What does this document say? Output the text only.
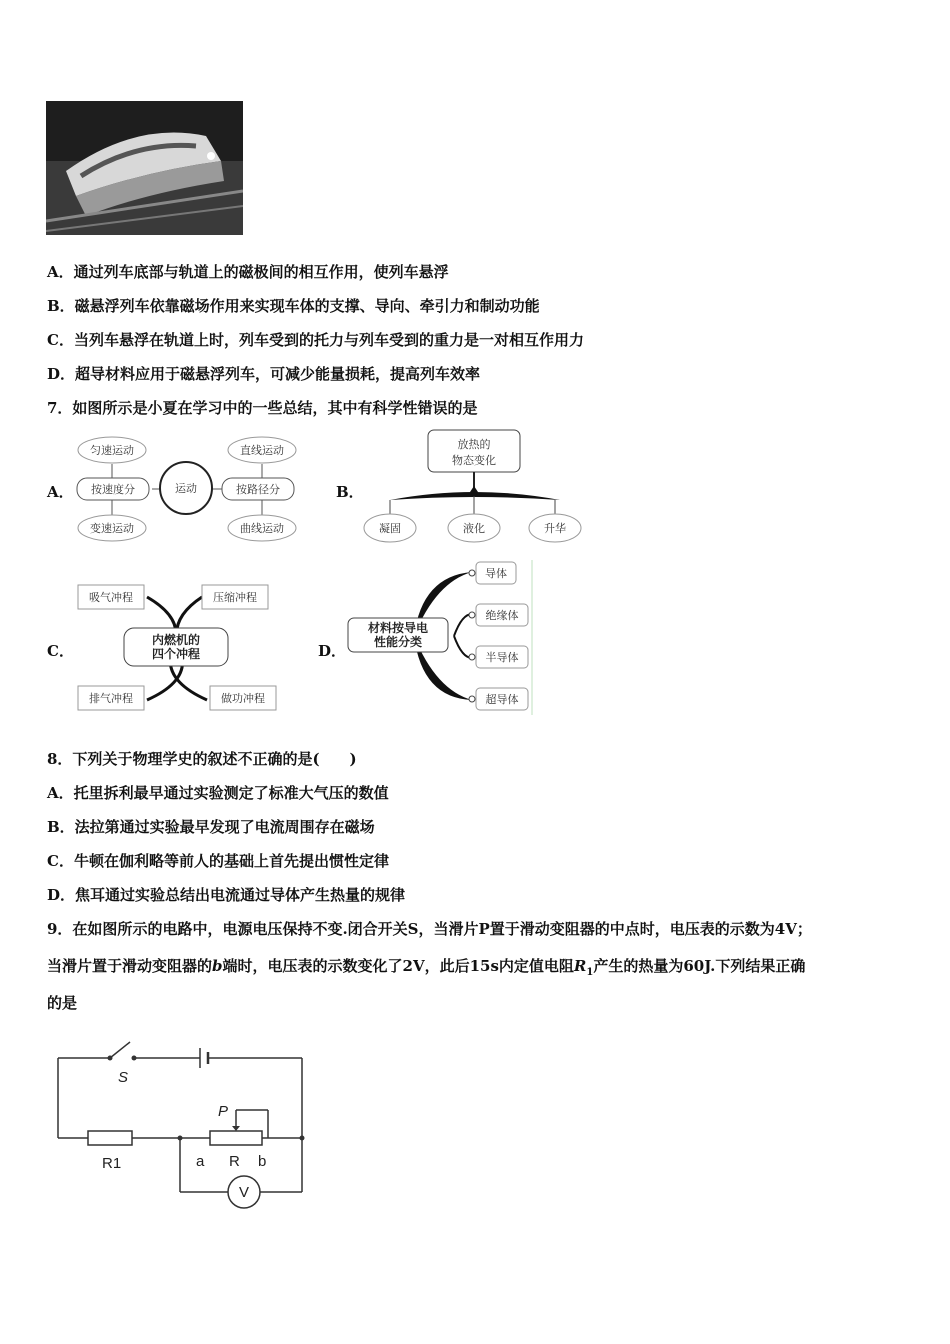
A．通过列车底部与轨道上的磁极间的相互作用，使列车悬浮
B．磁悬浮列车依靠磁场作用来实现车体的支撑、导向、牵引力和制动功能
C．当列车悬浮在轨道上时，列车受到的托力与列车受到的重力是一对相互作用力
D．超导材料应用于磁悬浮列车，可减少能量损耗，提高列车效率
7．如图所示是小夏在学习中的一些总结，其中有科学性错误的是
A．
匀速运动
变速运动
直线运动
曲线运动
按速度分	按路径分
运动	B．
放热的
物态变化
凝固	液化	升华
C．
吸气冲程	压缩冲程
排气冲程	做功冲程
内燃机的
四个冲程	D．
导体
绝缘体
半导体
超导体
材料按导电
性能分类
8．下列关于物理学史的叙述不正确的是(　　)
A．托里拆利最早通过实验测定了标准大气压的数值
B．法拉第通过实验最早发现了电流周围存在磁场
C．牛顿在伽利略等前人的基础上首先提出惯性定律
D．焦耳通过实验总结出电流通过导体产生热量的规律
9．在如图所示的电路中，电源电压保持不变.闭合开关S，当滑片P置于滑动变阻器的中点时，电压表的示数为4V；
当滑片置于滑动变阻器的b端时，电压表的示数变化了2V，此后15s内定值电阻$R_1$产生的热量为60J.下列结果正确
的是
S
P
R1	a R b
V
